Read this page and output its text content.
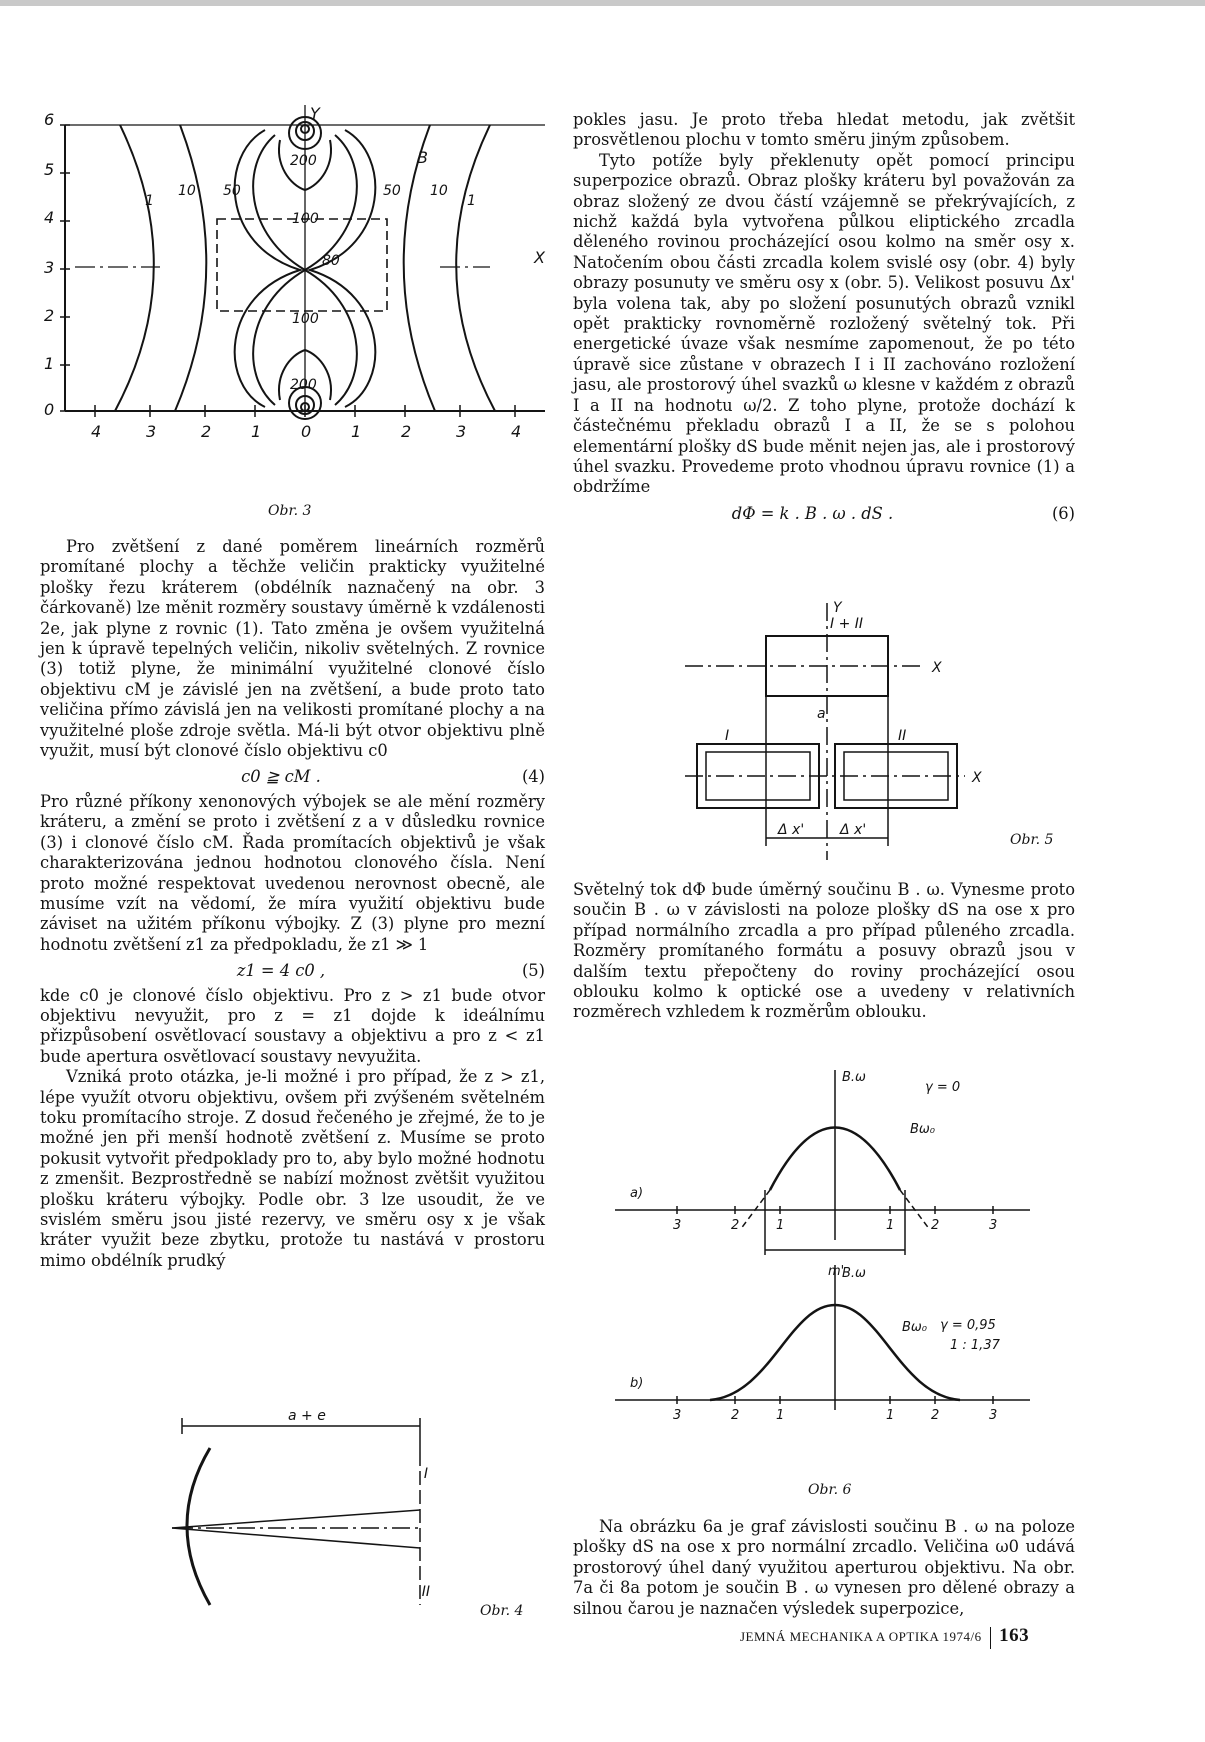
6
5
4
3
2
1
0
4	3	2 1 0 1 2	3	4
Y
X
B
1
10 50	50 10
1
200
100
80
100
200
Obr. 3

Pro zvětšení z dané poměrem lineárních rozměrů promítané plochy a těchže veličin prakticky využitelné plošky řezu kráterem (obdélník naznačený na obr. 3 čárkovaně) lze měnit rozměry soustavy úměrně k vzdálenosti 2e, jak plyne z rovnic (1). Tato změna je ovšem využitelná jen k úpravě tepelných veličin, nikoliv světelných. Z rovnice (3) totiž plyne, že minimální využitelné clonové číslo objektivu cM je závislé jen na zvětšení, a bude proto tato veličina přímo závislá jen na velikosti promítané plochy a na využitelné ploše zdroje světla. Má-li být otvor objektivu plně využit, musí být clonové číslo objektivu c0

c0 ≧ cM .	(4)

Pro různé příkony xenonových výbojek se ale mění rozměry kráteru, a změní se proto i zvětšení z a v důsledku rovnice (3) i clonové číslo cM. Řada promítacích objektivů je však charakterizována jednou hodnotou clonového čísla. Není proto možné respektovat uvedenou nerovnost obecně, ale musíme vzít na vědomí, že míra využití objektivu bude záviset na užitém příkonu výbojky. Z (3) plyne pro mezní hodnotu zvětšení z1 za předpokladu, že z1 ≫ 1

z1 = 4 c0 ,	(5)

kde c0 je clonové číslo objektivu. Pro z > z1 bude otvor objektivu nevyužit, pro z = z1 dojde k ideálnímu přizpůsobení osvětlovací soustavy a objektivu a pro z < z1 bude apertura osvětlovací soustavy nevyužita.

Vzniká proto otázka, je-li možné i pro případ, že z > z1, lépe využít otvoru objektivu, ovšem při zvýšeném světelném toku promítacího stroje. Z dosud řečeného je zřejmé, že to je možné jen při menší hodnotě zvětšení z. Musíme se proto pokusit vytvořit předpoklady pro to, aby bylo možné hodnotu z zmenšit. Bezprostředně se nabízí možnost zvětšit využitou plošku kráteru výbojky. Podle obr. 3 lze usoudit, že ve svislém směru jsou jisté rezervy, ve směru osy x je však kráter využit beze zbytku, protože tu nastává v prostoru mimo obdélník prudký

a + e
I
II
Obr. 4

pokles jasu. Je proto třeba hledat metodu, jak zvětšit prosvětlenou plochu v tomto směru jiným způsobem.

Tyto potíže byly překlenuty opět pomocí principu superpozice obrazů. Obraz plošky kráteru byl považován za obraz složený ze dvou částí vzájemně se překrývajících, z nichž každá byla vytvořena půlkou eliptického zrcadla děleného rovinou procházející osou kolmo na směr osy x. Natočením obou části zrcadla kolem svislé osy (obr. 4) byly obrazy posunuty ve směru osy x (obr. 5). Velikost posuvu Δx' byla volena tak, aby po složení posunutých obrazů vznikl opět prakticky rovnoměrně rozložený světelný tok. Při energetické úvaze však nesmíme zapomenout, že po této úpravě sice zůstane v obrazech I i II zachováno rozložení jasu, ale prostorový úhel svazků ω klesne v každém z obrazů I a II na hodnotu ω/2. Z toho plyne, protože dochází k částečnému překladu obrazů I a II, že se s polohou elementární plošky dS bude měnit nejen jas, ale i prostorový úhel svazku. Provedeme proto vhodnou úpravu rovnice (1) a obdržíme

dΦ = k . B . ω . dS .	(6)
Y
I + II
X
X
a
I	II
Δ x'	Δ x'
Obr. 5

Světelný tok dΦ bude úměrný součinu B . ω. Vynesme proto součin B . ω v závislosti na poloze plošky dS na ose x pro případ normálního zrcadla a pro případ půleného zrcadla. Rozměry promítaného formátu a posuvy obrazů jsou v dalším textu přepočteny do roviny procházející osou oblouku kolmo k optické ose a uvedeny v relativních rozměrech vzhledem k rozměrům oblouku.

a)
B.ω
γ = 0
Bω₀
m'
3	2	1	1	2	3
b)
B.ω
γ = 0,95
1 : 1,37
Bω₀
3	2	1	1	2	3
Obr. 6

Na obrázku 6a je graf závislosti součinu B . ω na poloze plošky dS na ose x pro normální zrcadlo. Veličina ω0 udává prostorový úhel daný využitou aperturou objektivu. Na obr. 7a či 8a potom je součin B . ω vynesen pro dělené obrazy a silnou čarou je naznačen výsledek superpozice,

JEMNÁ MECHANIKA A OPTIKA 1974/6 163
